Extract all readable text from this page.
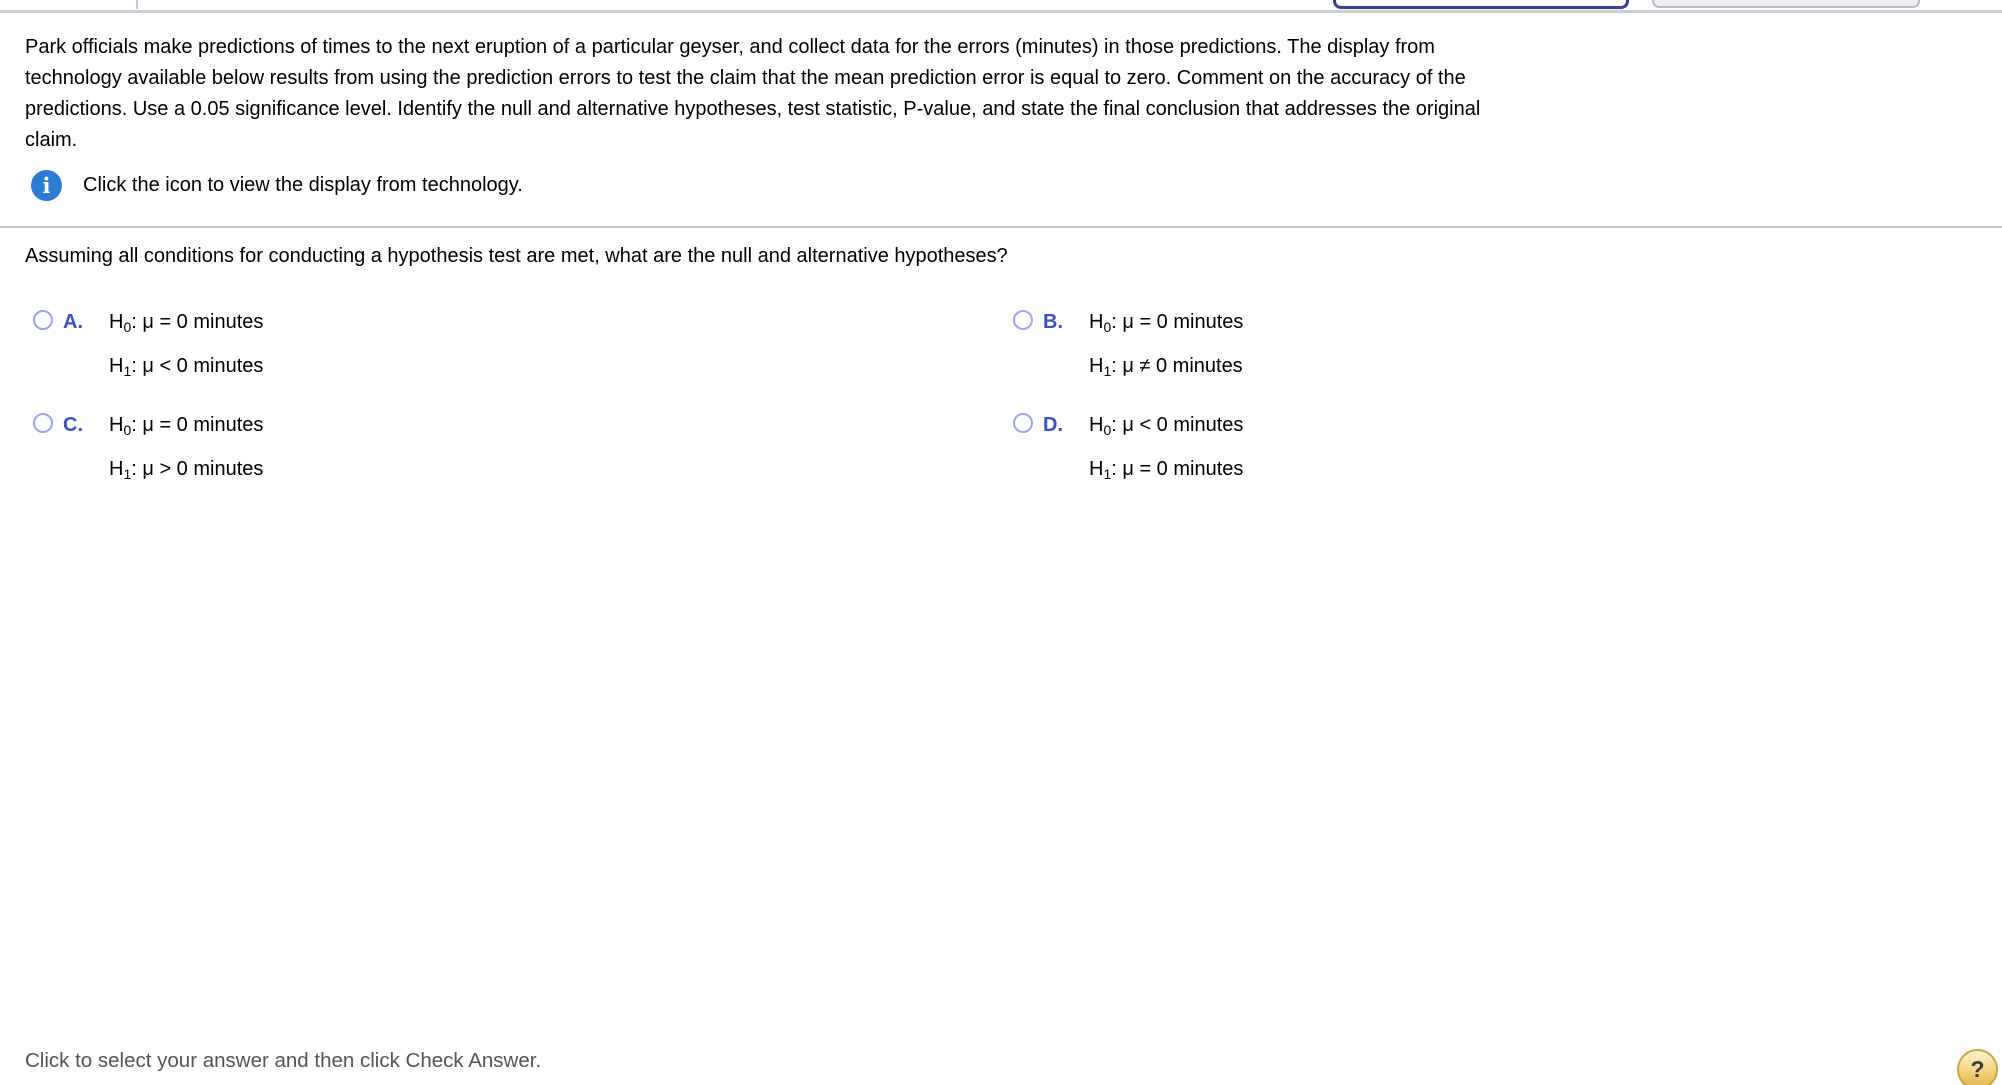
Park officials make predictions of times to the next eruption of a particular geyser, and collect data for the errors (minutes) in those predictions. The display from
technology available below results from using the prediction errors to test the claim that the mean prediction error is equal to zero. Comment on the accuracy of the
predictions. Use a 0.05 significance level. Identify the null and alternative hypotheses, test statistic, P-value, and state the final conclusion that addresses the original
claim.
i Click the icon to view the display from technology.
Assuming all conditions for conducting a hypothesis test are met, what are the null and alternative hypotheses?
A.	$H_0$ : μ = 0 minutes
$H_1$ : μ < 0 minutes
B.	$H_0$ : μ = 0 minutes
$H_1$ : μ ≠ 0 minutes
C.	$H_0$ : μ = 0 minutes
$H_1$ : μ > 0 minutes
D.	$H_0$ : μ < 0 minutes
$H_1$ : μ = 0 minutes
Click to select your answer and then click Check Answer.	?
